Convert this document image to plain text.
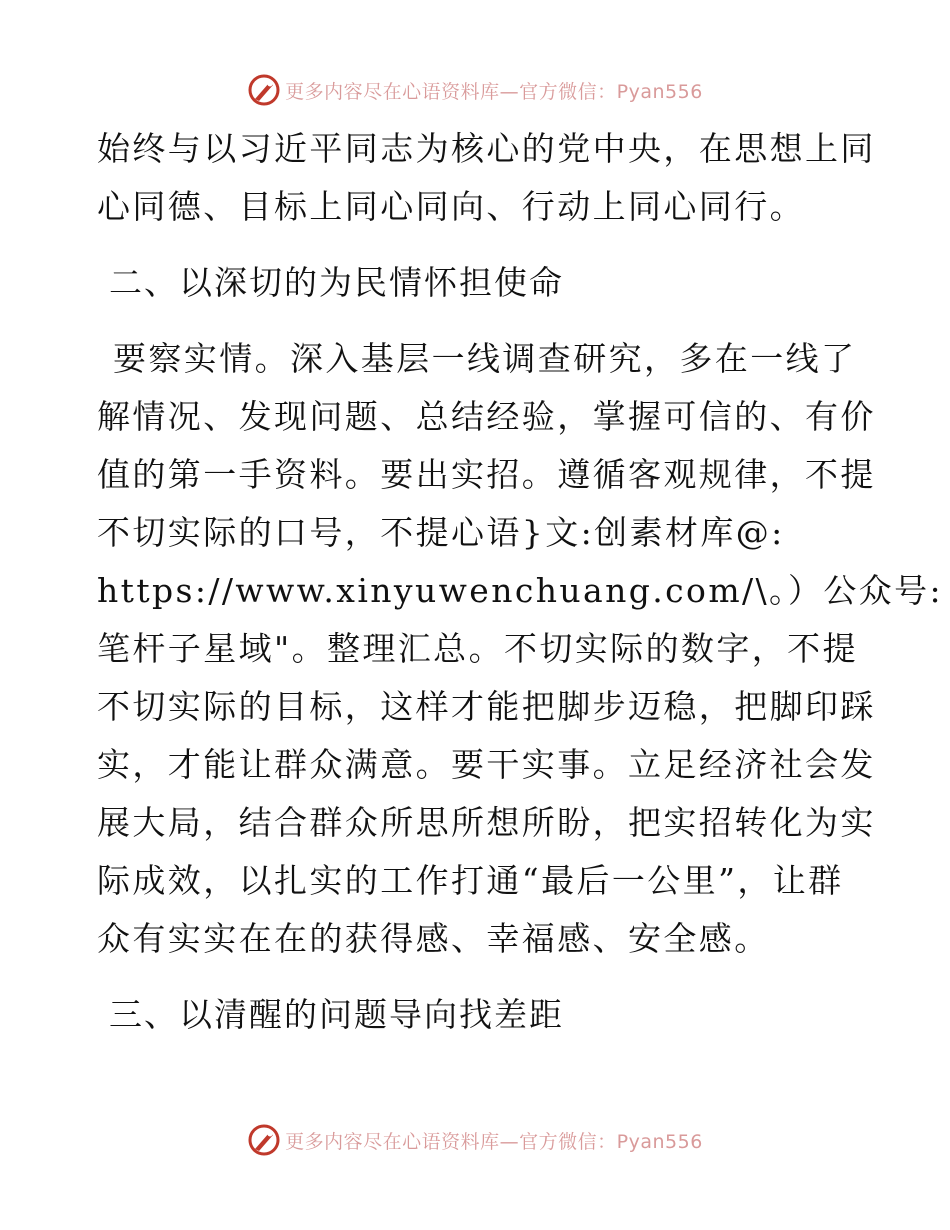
更多内容尽在心语资料库—官方微信：Pyan556
始终与以习近平同志为核心的党中央，在思想上同
心同德、目标上同心同向、行动上同心同行。
二、以深切的为民情怀担使命
要察实情。深入基层一线调查研究，多在一线了
解情况、发现问题、总结经验，掌握可信的、有价
值的第一手资料。要出实招。遵循客观规律，不提
不切实际的口号，不提心语}文:创素材库@:
https://www.xinyuwenchuang.com/\。）公众号:
笔杆子星域"。整理汇总。不切实际的数字，不提
不切实际的目标，这样才能把脚步迈稳，把脚印踩
实，才能让群众满意。要干实事。立足经济社会发
展大局，结合群众所思所想所盼，把实招转化为实
际成效，以扎实的工作打通“最后一公里”，让群
众有实实在在的获得感、幸福感、安全感。
三、以清醒的问题导向找差距
更多内容尽在心语资料库—官方微信：Pyan556
